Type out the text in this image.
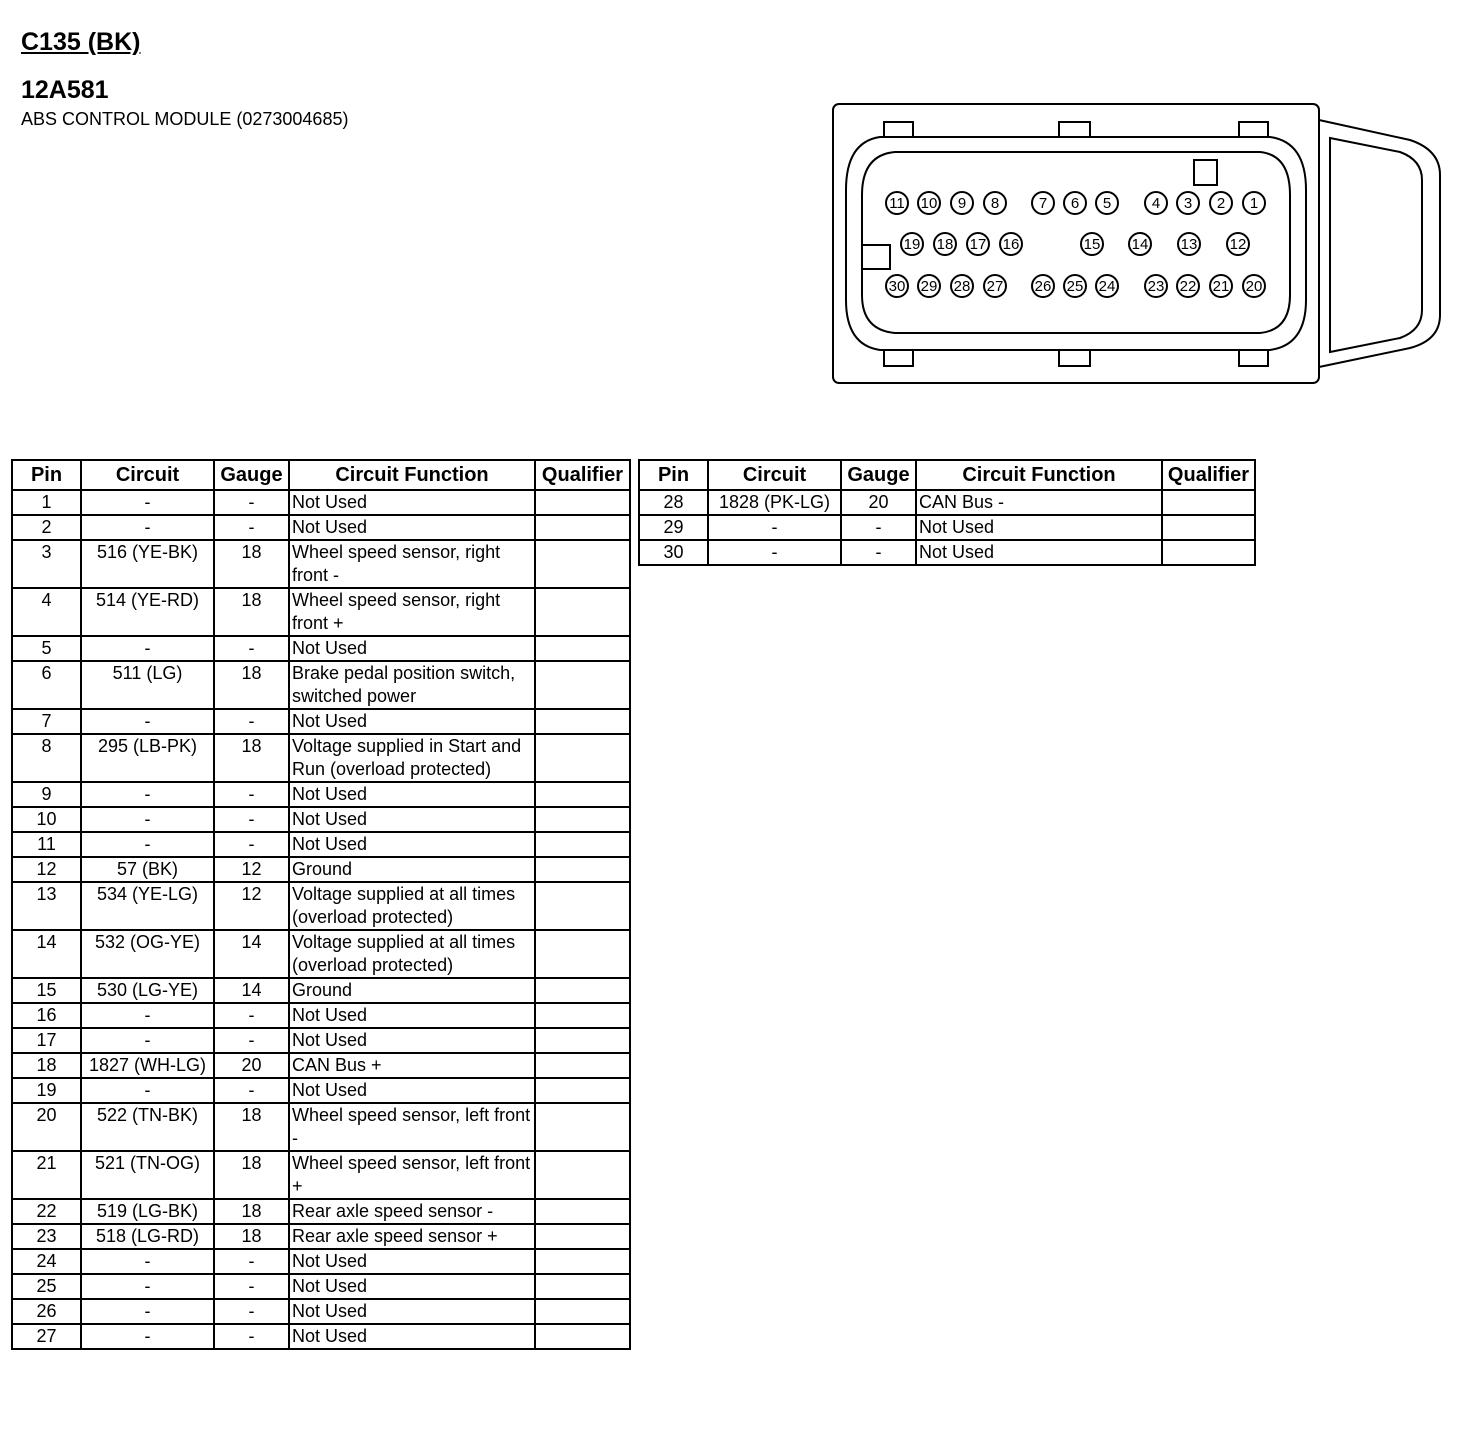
C135 (BK)
12A581
ABS CONTROL MODULE (0273004685)
11 10 9 8	7 6 5	4 3 2 1
19 18 17 16	15 14 13 12
30 29 28 27 26 25 24 23 22 21 20
Pin	Circuit	Gauge	Circuit Function	Qualifier
1	-	-	Not Used	
2	-	-	Not Used	
3	516 (YE-BK)	18	Wheel speed sensor, right front -	
4	514 (YE-RD)	18	Wheel speed sensor, right front +	
5	-	-	Not Used	
6	511 (LG)	18	Brake pedal position switch, switched power	
7	-	-	Not Used	
8	295 (LB-PK)	18	Voltage supplied in Start and Run (overload protected)	
9	-	-	Not Used	
10	-	-	Not Used	
11	-	-	Not Used	
12	57 (BK)	12	Ground	
13	534 (YE-LG)	12	Voltage supplied at all times (overload protected)	
14	532 (OG-YE)	14	Voltage supplied at all times (overload protected)	
15	530 (LG-YE)	14	Ground	
16	-	-	Not Used	
17	-	-	Not Used	
18	1827 (WH-LG)	20	CAN Bus +	
19	-	-	Not Used	
20	522 (TN-BK)	18	Wheel speed sensor, left front -	
21	521 (TN-OG)	18	Wheel speed sensor, left front +	
22	519 (LG-BK)	18	Rear axle speed sensor -	
23	518 (LG-RD)	18	Rear axle speed sensor +	
24	-	-	Not Used	
25	-	-	Not Used	
26	-	-	Not Used	
27	-	-	Not Used	
Pin	Circuit	Gauge	Circuit Function	Qualifier
28	1828 (PK-LG)	20	CAN Bus -	
29	-	-	Not Used	
30	-	-	Not Used	
